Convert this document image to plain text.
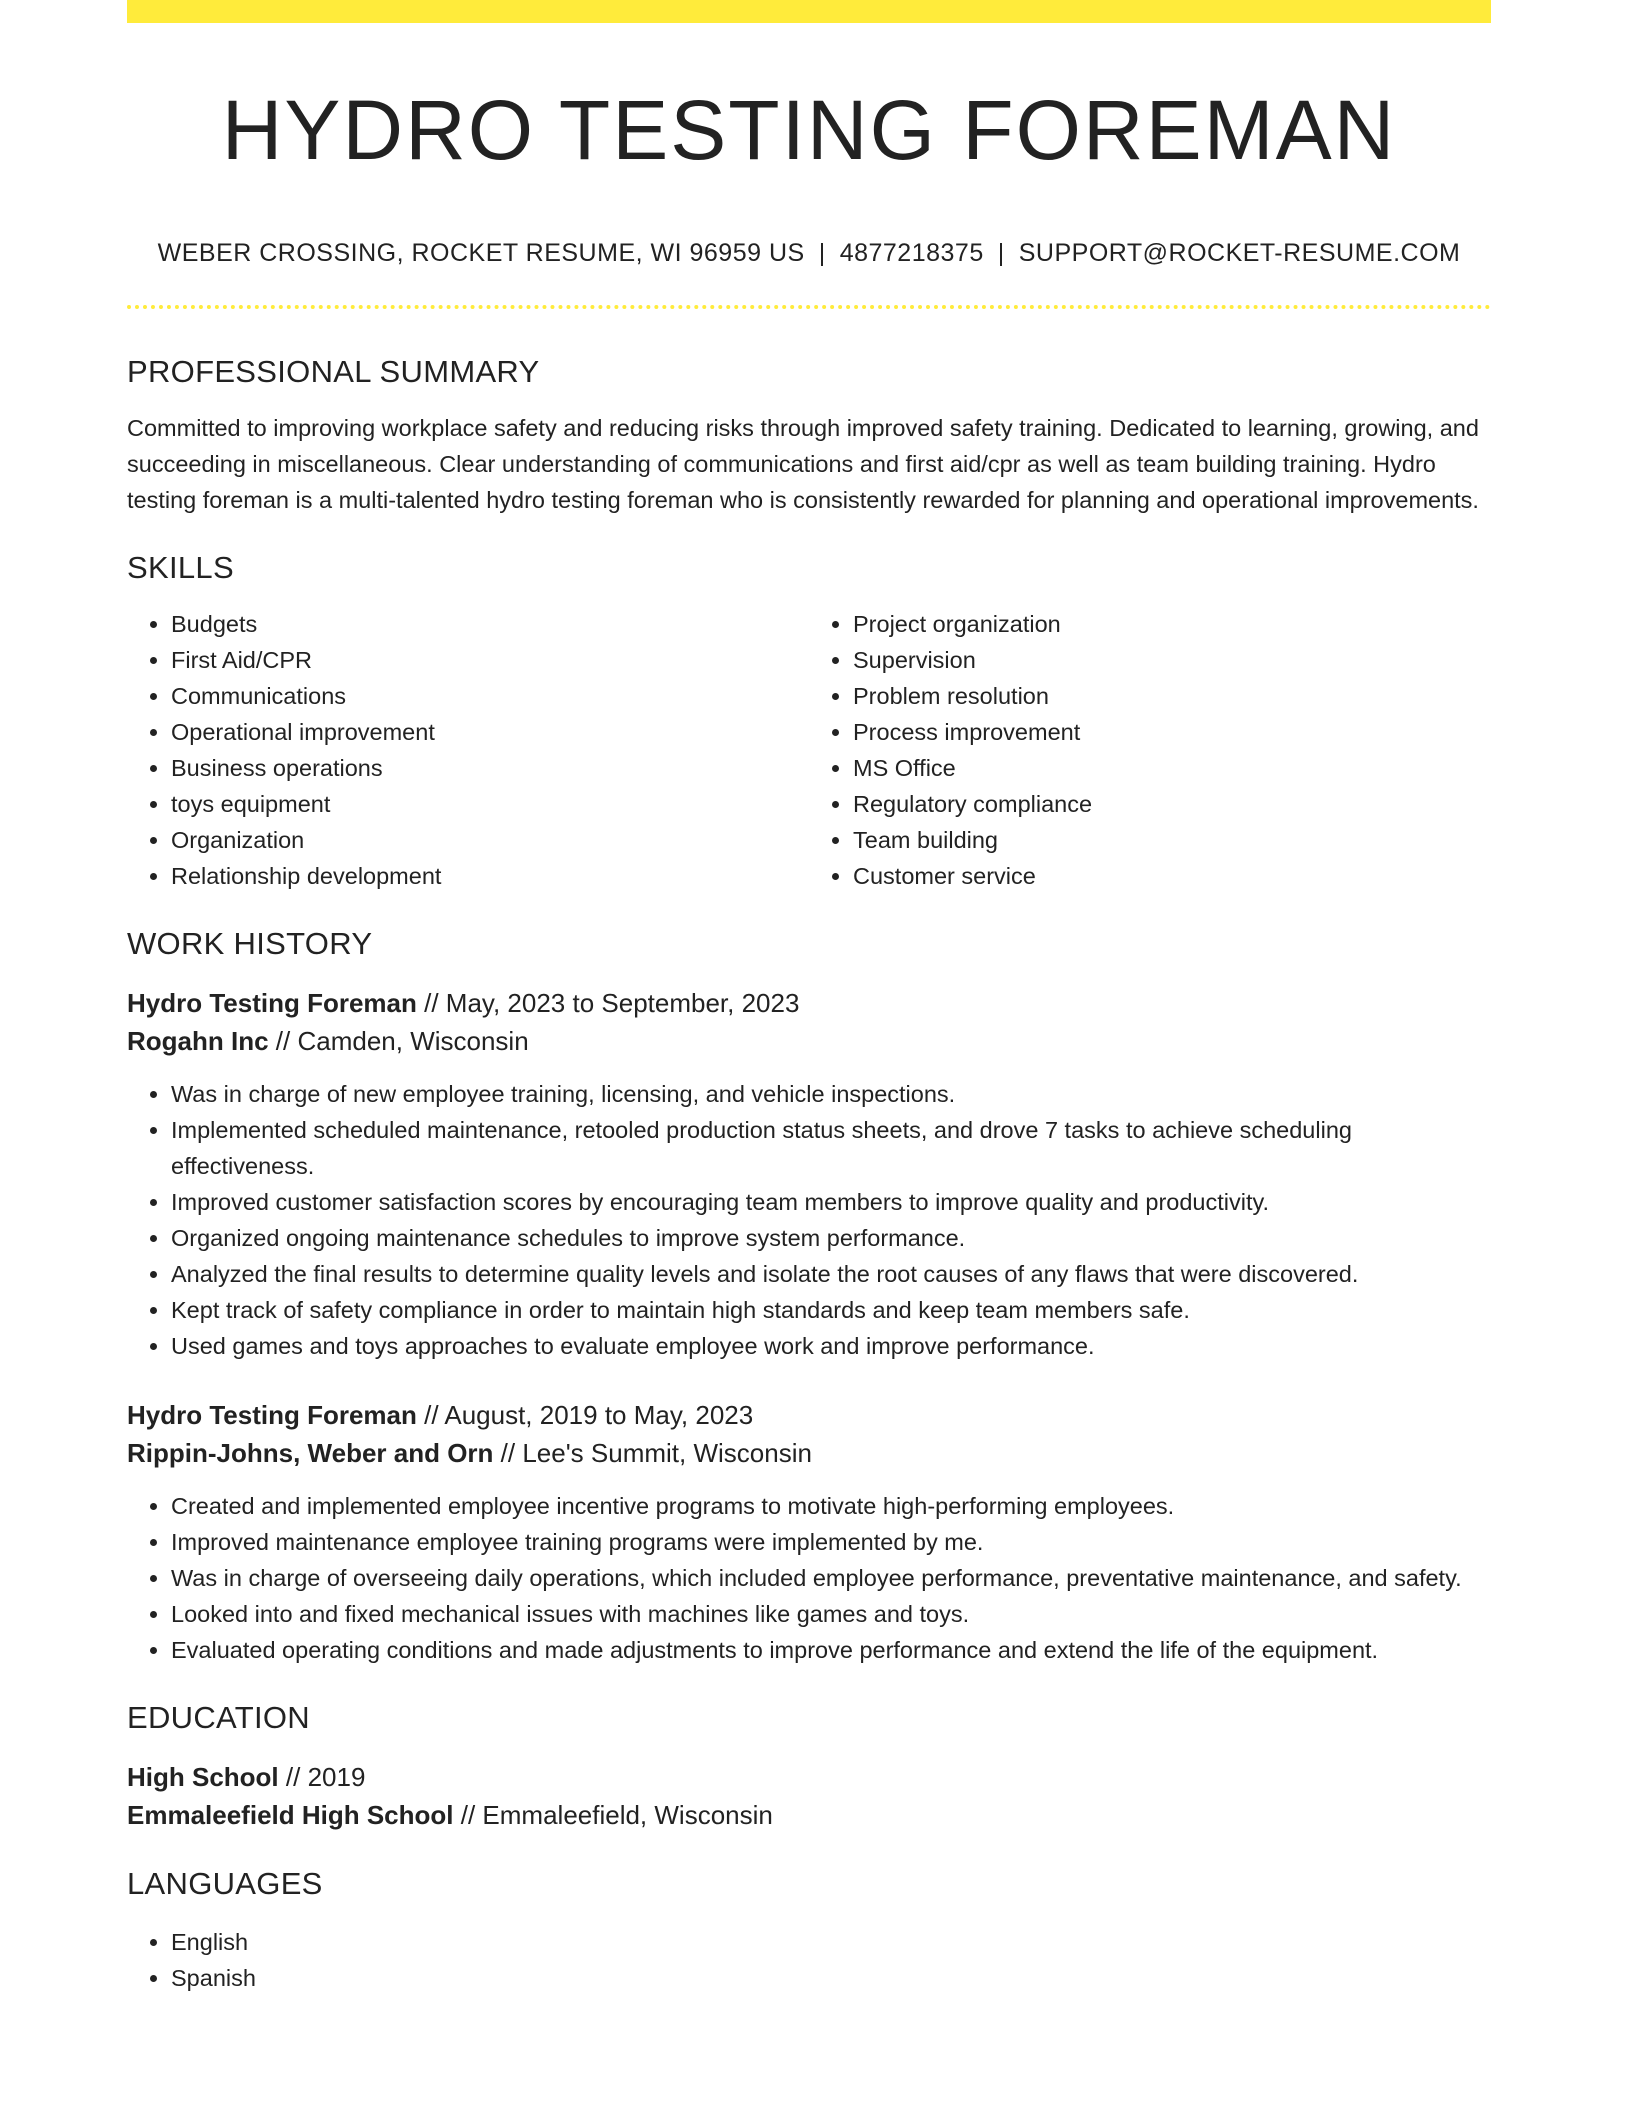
HYDRO TESTING FOREMAN
WEBER CROSSING, ROCKET RESUME, WI 96959 US | 4877218375 | SUPPORT@ROCKET-RESUME.COM
PROFESSIONAL SUMMARY

Committed to improving workplace safety and reducing risks through improved safety training. Dedicated to learning, growing, and succeeding in miscellaneous. Clear understanding of communications and first aid/cpr as well as team building training. Hydro testing foreman is a multi-talented hydro testing foreman who is consistently rewarded for planning and operational improvements.

SKILLS
• Budgets
• First Aid/CPR
• Communications
• Operational improvement
• Business operations
• toys equipment
• Organization
• Relationship development
• Project organization
• Supervision
• Problem resolution
• Process improvement
• MS Office
• Regulatory compliance
• Team building
• Customer service
WORK HISTORY
Hydro Testing Foreman // May, 2023 to September, 2023
Rogahn Inc // Camden, Wisconsin
• Was in charge of new employee training, licensing, and vehicle inspections.
• Implemented scheduled maintenance, retooled production status sheets, and drove 7 tasks to achieve scheduling effectiveness.
• Improved customer satisfaction scores by encouraging team members to improve quality and productivity.
• Organized ongoing maintenance schedules to improve system performance.
• Analyzed the final results to determine quality levels and isolate the root causes of any flaws that were discovered.
• Kept track of safety compliance in order to maintain high standards and keep team members safe.
• Used games and toys approaches to evaluate employee work and improve performance.
Hydro Testing Foreman // August, 2019 to May, 2023
Rippin-Johns, Weber and Orn // Lee's Summit, Wisconsin
• Created and implemented employee incentive programs to motivate high-performing employees.
• Improved maintenance employee training programs were implemented by me.
• Was in charge of overseeing daily operations, which included employee performance, preventative maintenance, and safety.
• Looked into and fixed mechanical issues with machines like games and toys.
• Evaluated operating conditions and made adjustments to improve performance and extend the life of the equipment.
EDUCATION
High School // 2019
Emmaleefield High School // Emmaleefield, Wisconsin
LANGUAGES
• English
• Spanish
